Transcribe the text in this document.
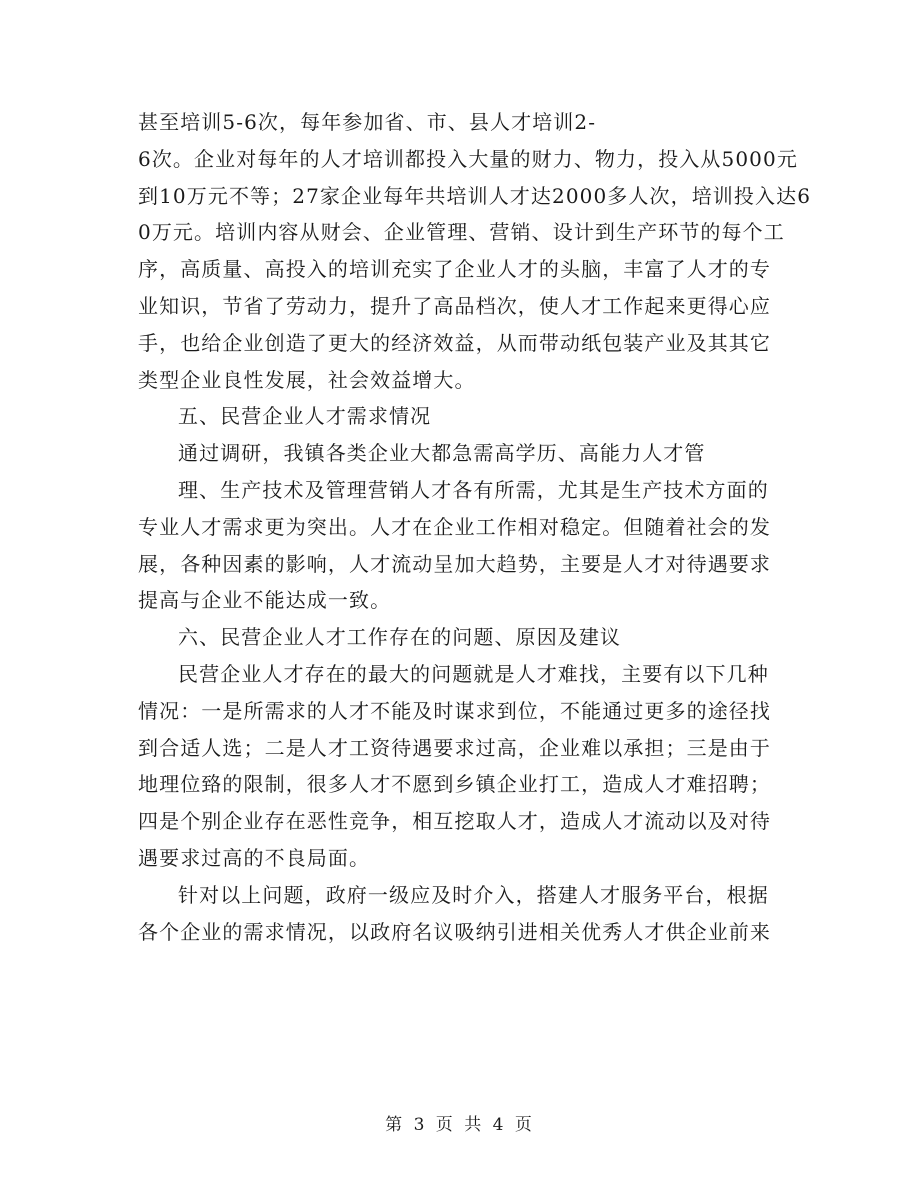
甚至培训5-6次，每年参加省、市、县人才培训2-
6次。企业对每年的人才培训都投入大量的财力、物力，投入从5000元
到10万元不等；27家企业每年共培训人才达2000多人次，培训投入达6
0万元。培训内容从财会、企业管理、营销、设计到生产环节的每个工
序，高质量、高投入的培训充实了企业人才的头脑，丰富了人才的专
业知识，节省了劳动力，提升了高品档次，使人才工作起来更得心应
手，也给企业创造了更大的经济效益，从而带动纸包装产业及其其它
类型企业良性发展，社会效益增大。
五、民营企业人才需求情况
通过调研，我镇各类企业大都急需高学历、高能力人才管
理、生产技术及管理营销人才各有所需，尤其是生产技术方面的
专业人才需求更为突出。人才在企业工作相对稳定。但随着社会的发
展，各种因素的影响，人才流动呈加大趋势，主要是人才对待遇要求
提高与企业不能达成一致。
六、民营企业人才工作存在的问题、原因及建议
民营企业人才存在的最大的问题就是人才难找，主要有以下几种
情况：一是所需求的人才不能及时谋求到位，不能通过更多的途径找
到合适人选；二是人才工资待遇要求过高，企业难以承担；三是由于
地理位臵的限制，很多人才不愿到乡镇企业打工，造成人才难招聘；
四是个别企业存在恶性竞争，相互挖取人才，造成人才流动以及对待
遇要求过高的不良局面。
针对以上问题，政府一级应及时介入，搭建人才服务平台，根据
各个企业的需求情况，以政府名议吸纳引进相关优秀人才供企业前来
第 3 页 共 4 页
